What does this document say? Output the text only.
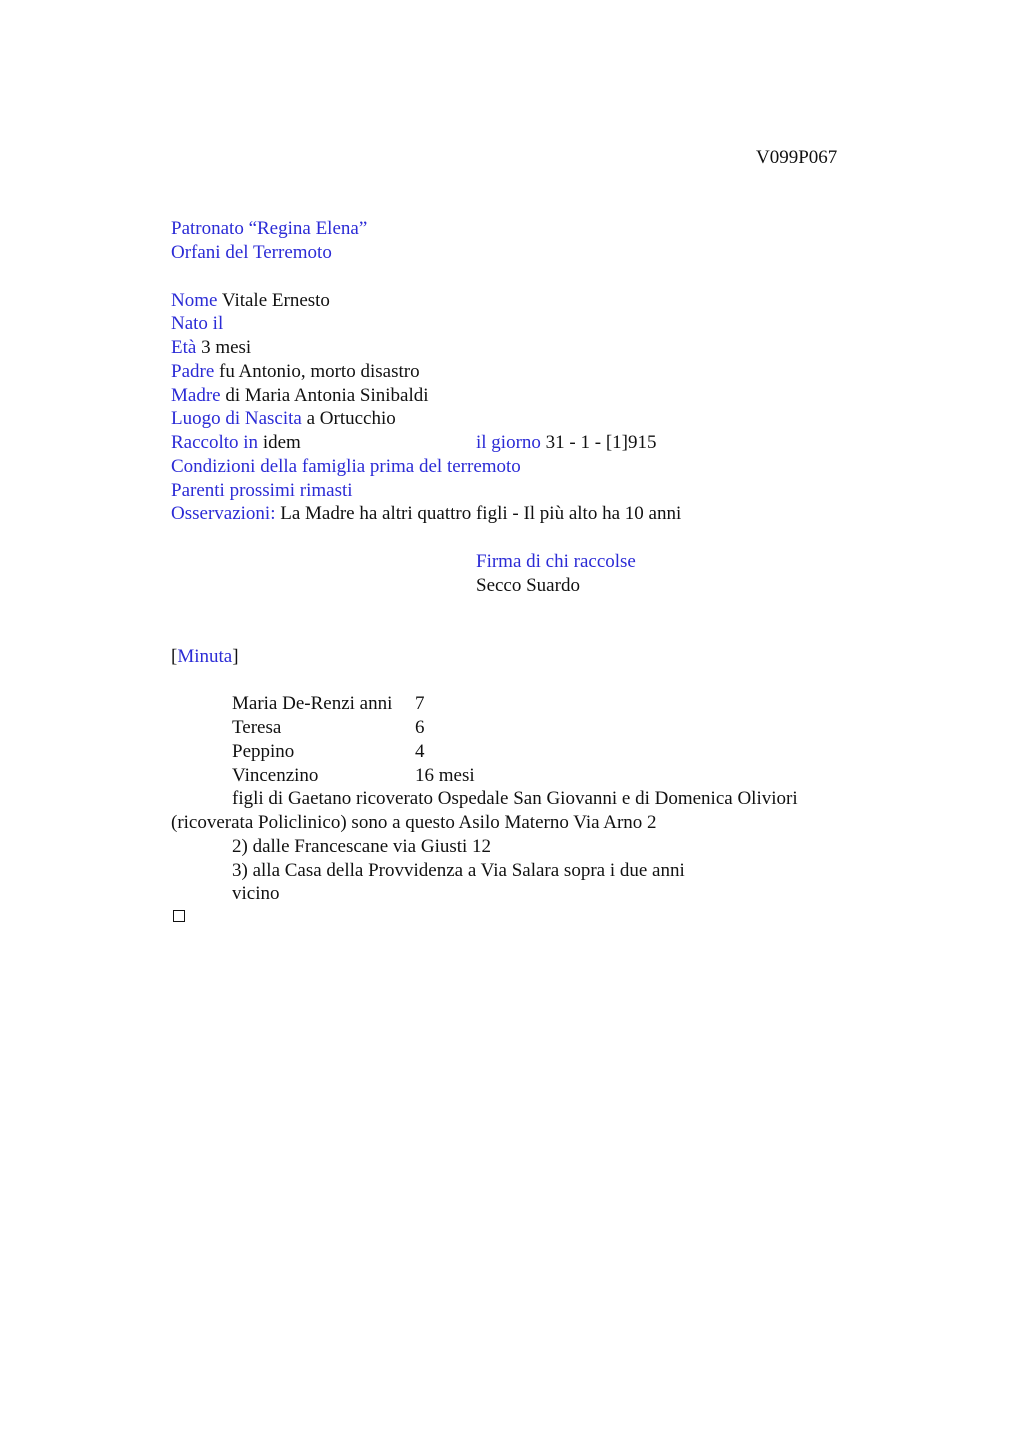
V099P067
Patronato “Regina Elena”
Orfani del Terremoto
Nome Vitale Ernesto
Nato il
Età 3 mesi
Padre fu Antonio, morto disastro
Madre di Maria Antonia Sinibaldi
Luogo di Nascita a Ortucchio
Raccolto in idem	il giorno 31 - 1 - [1]915
Condizioni della famiglia prima del terremoto
Parenti prossimi rimasti
Osservazioni: La Madre ha altri quattro figli - Il più alto ha 10 anni
Firma di chi raccolse
Secco Suardo
[Minuta]
Maria De-Renzi anni 7
Teresa	6
Peppino	4
Vincenzino	16 mesi
figli di Gaetano ricoverato Ospedale San Giovanni e di Domenica Oliviori
(ricoverata Policlinico) sono a questo Asilo Materno Via Arno 2
2) dalle Francescane via Giusti 12
3) alla Casa della Provvidenza a Via Salara sopra i due anni
vicino
